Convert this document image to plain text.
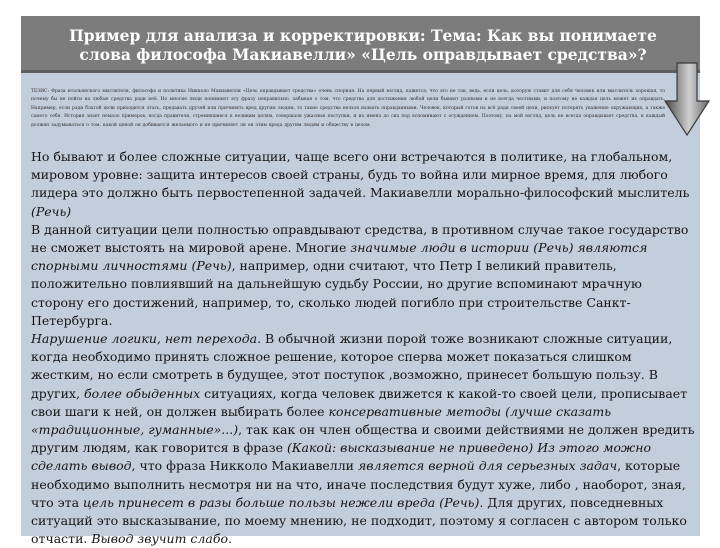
Пример для анализа и корректировки: Тема: Как вы понимаете
слова философа Макиавелли» «Цель оправдывает средства»?
ТЕЗИС: Фраза итальянского мыслителя, философа и политика Никколо Макиавелли «Цель оправдывает средства» очень спорная. На первый взгляд, кажется, что это не так, ведь, если цель, которую ставит для себя человек или мыслитель хорошая, то почему бы не пойти на любые средства ради неё. Но многие люди понимают эту фразу неправильно, забывая о том, что средства для достижения любой цели бывают разными и не всегда честными, и поэтому не каждая цель может их оправдать. Например, если ради благой цели приходится лгать, предавать друзей или причинять вред другим людям, то такие средства нельзя назвать оправданными. Человек, который готов на всё ради своей цели, рискует потерять уважение окружающих, а также самого себя. История знает немало примеров, когда правители, стремившиеся к великим целям, совершали ужасные поступки, и их имена до сих пор вспоминают с осуждением. Поэтому, на мой взгляд, цель не всегда оправдывает средства, и каждый должен задумываться о том, какой ценой он добивается желаемого и не причиняет ли он этим вреда другим людям и обществу в целом.

Но бывают и более сложные ситуации, чаще всего они встречаются в политике, на глобальном, мировом уровне: защита интересов своей страны, будь то война или мирное время, для любого лидера это должно быть первостепенной задачей. Макиавелли морально-философский мыслитель (Речь)

В данной ситуации цели полностью оправдывают средства, в противном случае такое государство не сможет выстоять на мировой арене. Многие значимые люди в истории (Речь) являются спорными личностями (Речь), например, одни считают, что Петр I великий правитель, положительно повлиявший на дальнейшую судьбу России, но другие вспоминают мрачную сторону его достижений, например, то, сколько людей погибло при строительстве Санкт-Петербурга.

Нарушение логики, нет перехода. В обычной жизни порой тоже возникают сложные ситуации, когда необходимо принять сложное решение, которое сперва может показаться слишком жестким, но если смотреть в будущее, этот поступок ,возможно, принесет большую пользу. В других, более обыденных ситуациях, когда человек движется к какой-то своей цели, прописывает свои шаги к ней, он должен выбирать более консервативные методы (лучше сказать «традиционные, гуманные»...), так как он член общества и своими действиями не должен вредить другим людям, как говорится в фразе (Какой: высказывание не приведено) Из этого можно сделать вывод, что фраза Никколо Макиавелли является верной для серьезных задач, которые необходимо выполнить несмотря ни на что, иначе последствия будут хуже, либо , наоборот, зная, что эта цель принесет в разы больше пользы нежели вреда (Речь). Для других, повседневных ситуаций это высказывание, по моему мнению, не подходит, поэтому я согласен с автором только отчасти. Вывод звучит слабо.
